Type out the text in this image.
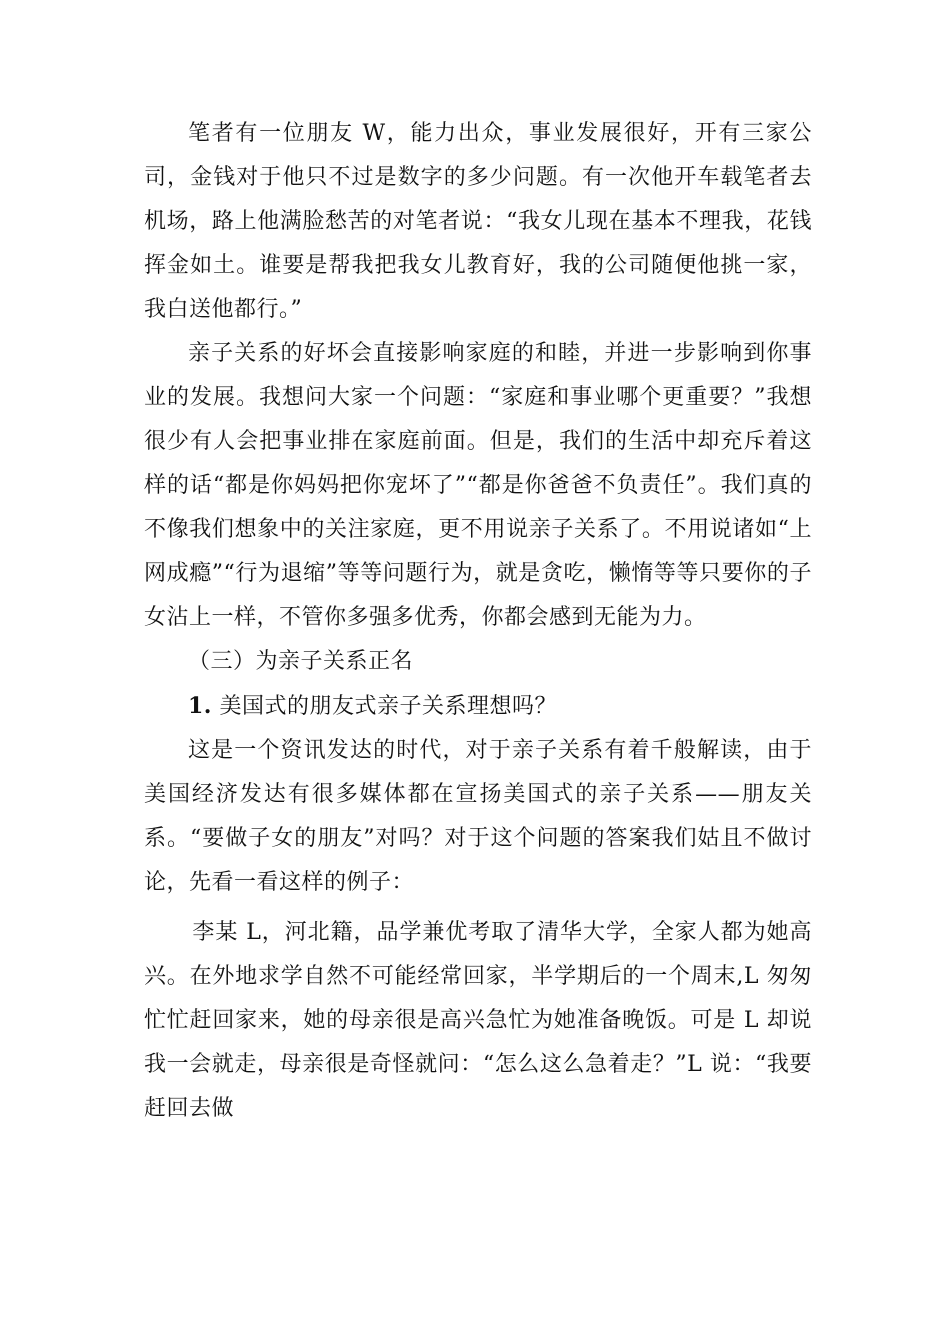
笔者有一位朋友 W，能力出众，事业发展很好，开有三家公司，金钱对于他只不过是数字的多少问题。有一次他开车载笔者去机场，路上他满脸愁苦的对笔者说：“我女儿现在基本不理我，花钱挥金如土。谁要是帮我把我女儿教育好，我的公司随便他挑一家，我白送他都行。”

亲子关系的好坏会直接影响家庭的和睦，并进一步影响到你事业的发展。我想问大家一个问题：“家庭和事业哪个更重要？”我想很少有人会把事业排在家庭前面。但是，我们的生活中却充斥着这样的话“都是你妈妈把你宠坏了”“都是你爸爸不负责任”。我们真的不像我们想象中的关注家庭，更不用说亲子关系了。不用说诸如“上网成瘾”“行为退缩”等等问题行为，就是贪吃，懒惰等等只要你的子女沾上一样，不管你多强多优秀，你都会感到无能为力。

（三）为亲子关系正名

1. 美国式的朋友式亲子关系理想吗？

这是一个资讯发达的时代，对于亲子关系有着千般解读，由于美国经济发达有很多媒体都在宣扬美国式的亲子关系——朋友关系。“要做子女的朋友”对吗？对于这个问题的答案我们姑且不做讨论，先看一看这样的例子：

李某 L，河北籍，品学兼优考取了清华大学，全家人都为她高兴。在外地求学自然不可能经常回家，半学期后的一个周末,L 匆匆忙忙赶回家来，她的母亲很是高兴急忙为她准备晚饭。可是 L 却说我一会就走，母亲很是奇怪就问：“怎么这么急着走？”L 说：“我要赶回去做
